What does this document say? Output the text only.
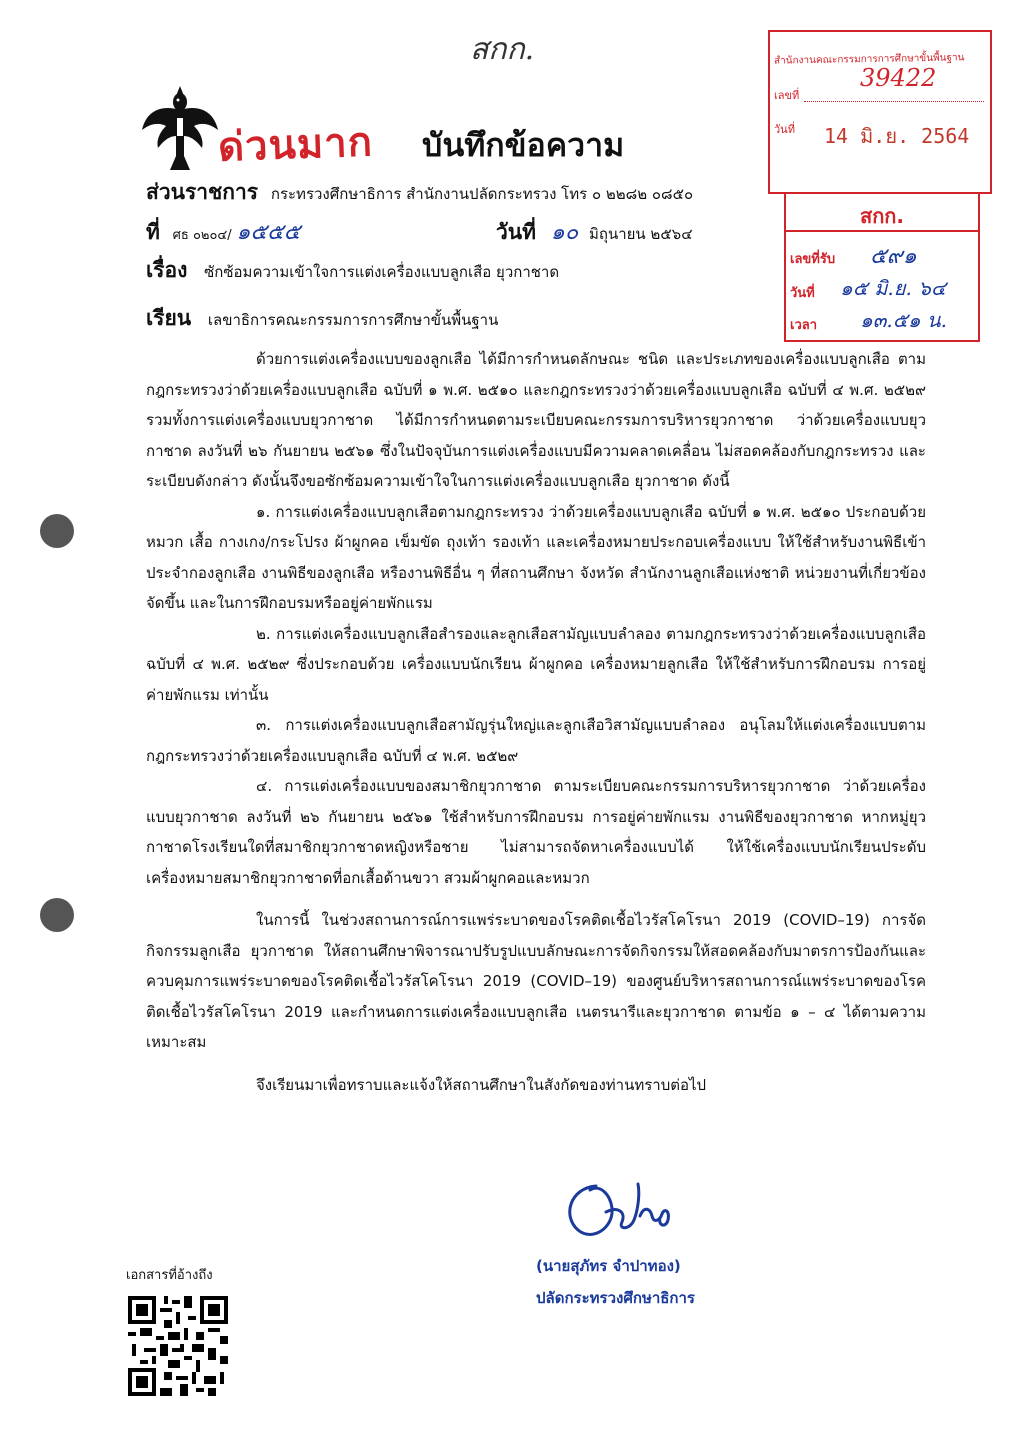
สกก.
ด่วนมาก บันทึกข้อความ
สำนักงานคณะกรรมการการศึกษาขั้นพื้นฐาน
เลขที่
39422
วันที่ 14 มิ.ย. 2564
สกก.
เลขที่รับ ๕๙๑
วันที่ ๑๕ มิ.ย. ๖๔
เวลา ๑๓.๕๑ น.
ส่วนราชการ กระทรวงศึกษาธิการ สำนักงานปลัดกระทรวง โทร ๐ ๒๒๘๒ ๐๘๕๐
ที่ ศธ ๐๒๐๔/ ๑๕๕๕	วันที่ ๑๐ มิถุนายน ๒๕๖๔
เรื่อง ซักซ้อมความเข้าใจการแต่งเครื่องแบบลูกเสือ ยุวกาชาด
เรียน เลขาธิการคณะกรรมการการศึกษาขั้นพื้นฐาน

ด้วยการแต่งเครื่องแบบของลูกเสือ ได้มีการกำหนดลักษณะ ชนิด และประเภทของเครื่องแบบลูกเสือ ตามกฎกระทรวงว่าด้วยเครื่องแบบลูกเสือ ฉบับที่ ๑ พ.ศ. ๒๕๑๐ และกฎกระทรวงว่าด้วยเครื่องแบบลูกเสือ ฉบับที่ ๔ พ.ศ. ๒๕๒๙ รวมทั้งการแต่งเครื่องแบบยุวกาชาด ได้มีการกำหนดตามระเบียบคณะกรรมการบริหารยุวกาชาด ว่าด้วยเครื่องแบบยุวกาชาด ลงวันที่ ๒๖ กันยายน ๒๕๖๑ ซึ่งในปัจจุบันการแต่งเครื่องแบบมีความคลาดเคลื่อน ไม่สอดคล้องกับกฎกระทรวง และระเบียบดังกล่าว ดังนั้นจึงขอซักซ้อมความเข้าใจในการแต่งเครื่องแบบลูกเสือ ยุวกาชาด ดังนี้

๑. การแต่งเครื่องแบบลูกเสือตามกฎกระทรวง ว่าด้วยเครื่องแบบลูกเสือ ฉบับที่ ๑ พ.ศ. ๒๕๑๐ ประกอบด้วย หมวก เสื้อ กางเกง/กระโปรง ผ้าผูกคอ เข็มขัด ถุงเท้า รองเท้า และเครื่องหมายประกอบเครื่องแบบ ให้ใช้สำหรับงานพิธีเข้าประจำกองลูกเสือ งานพิธีของลูกเสือ หรืองานพิธีอื่น ๆ ที่สถานศึกษา จังหวัด สำนักงานลูกเสือแห่งชาติ หน่วยงานที่เกี่ยวข้องจัดขึ้น และในการฝึกอบรมหรืออยู่ค่ายพักแรม

๒. การแต่งเครื่องแบบลูกเสือสำรองและลูกเสือสามัญแบบลำลอง ตามกฎกระทรวงว่าด้วยเครื่องแบบลูกเสือ ฉบับที่ ๔ พ.ศ. ๒๕๒๙ ซึ่งประกอบด้วย เครื่องแบบนักเรียน ผ้าผูกคอ เครื่องหมายลูกเสือ ให้ใช้สำหรับการฝึกอบรม การอยู่ค่ายพักแรม เท่านั้น

๓. การแต่งเครื่องแบบลูกเสือสามัญรุ่นใหญ่และลูกเสือวิสามัญแบบลำลอง อนุโลมให้แต่งเครื่องแบบตามกฎกระทรวงว่าด้วยเครื่องแบบลูกเสือ ฉบับที่ ๔ พ.ศ. ๒๕๒๙

๔. การแต่งเครื่องแบบของสมาชิกยุวกาชาด ตามระเบียบคณะกรรมการบริหารยุวกาชาด ว่าด้วยเครื่องแบบยุวกาชาด ลงวันที่ ๒๖ กันยายน ๒๕๖๑ ใช้สำหรับการฝึกอบรม การอยู่ค่ายพักแรม งานพิธีของยุวกาชาด หากหมู่ยุวกาชาดโรงเรียนใดที่สมาชิกยุวกาชาดหญิงหรือชาย ไม่สามารถจัดหาเครื่องแบบได้ ให้ใช้เครื่องแบบนักเรียนประดับเครื่องหมายสมาชิกยุวกาชาดที่อกเสื้อด้านขวา สวมผ้าผูกคอและหมวก

ในการนี้ ในช่วงสถานการณ์การแพร่ระบาดของโรคติดเชื้อไวรัสโคโรนา 2019 (COVID–19) การจัดกิจกรรมลูกเสือ ยุวกาชาด ให้สถานศึกษาพิจารณาปรับรูปแบบลักษณะการจัดกิจกรรมให้สอดคล้องกับมาตรการป้องกันและควบคุมการแพร่ระบาดของโรคติดเชื้อไวรัสโคโรนา 2019 (COVID–19) ของศูนย์บริหารสถานการณ์แพร่ระบาดของโรคติดเชื้อไวรัสโคโรนา 2019 และกำหนดการแต่งเครื่องแบบลูกเสือ เนตรนารีและยุวกาชาด ตามข้อ ๑ – ๔ ได้ตามความเหมาะสม

จึงเรียนมาเพื่อทราบและแจ้งให้สถานศึกษาในสังกัดของท่านทราบต่อไป

(นายสุภัทร จำปาทอง)
ปลัดกระทรวงศึกษาธิการ
เอกสารที่อ้างถึง
